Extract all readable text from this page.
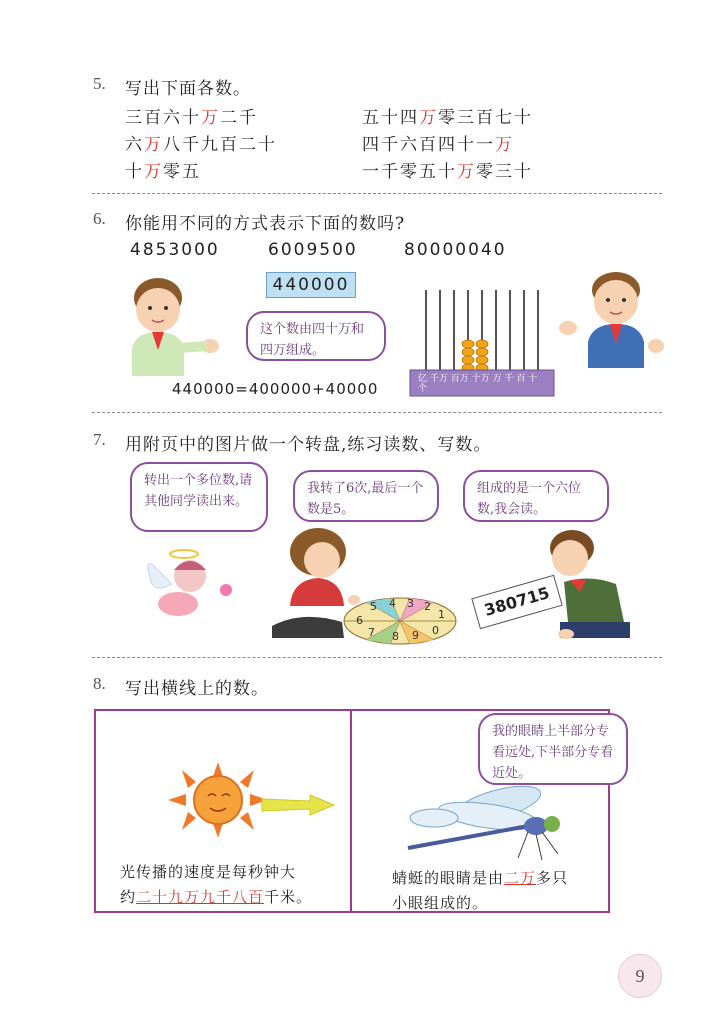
5. 写出下面各数。
三百六十万二千
六万八千九百二十
十万零五
五十四万零三百七十
四千六百四十一万
一千零五十万零三十
6. 你能用不同的方式表示下面的数吗?
4853000	6009500	80000040
440000
这个数由四十万和四万组成。
440000=400000+40000
亿 千万 百万 十万 万 千 百 十 个
7. 用附页中的图片做一个转盘,练习读数、写数。
转出一个多位数,请其他同学读出来。
我转了6次,最后一个数是5。
组成的是一个六位数,我会读。
5 4 3 2
1
6
7 8 9 0
380715
8. 写出横线上的数。
光传播的速度是每秒钟大
约二十九万九千八百千米。
我的眼睛上半部分专看远处,下半部分专看近处。
蜻蜓的眼睛是由二万多只
小眼组成的。
9
